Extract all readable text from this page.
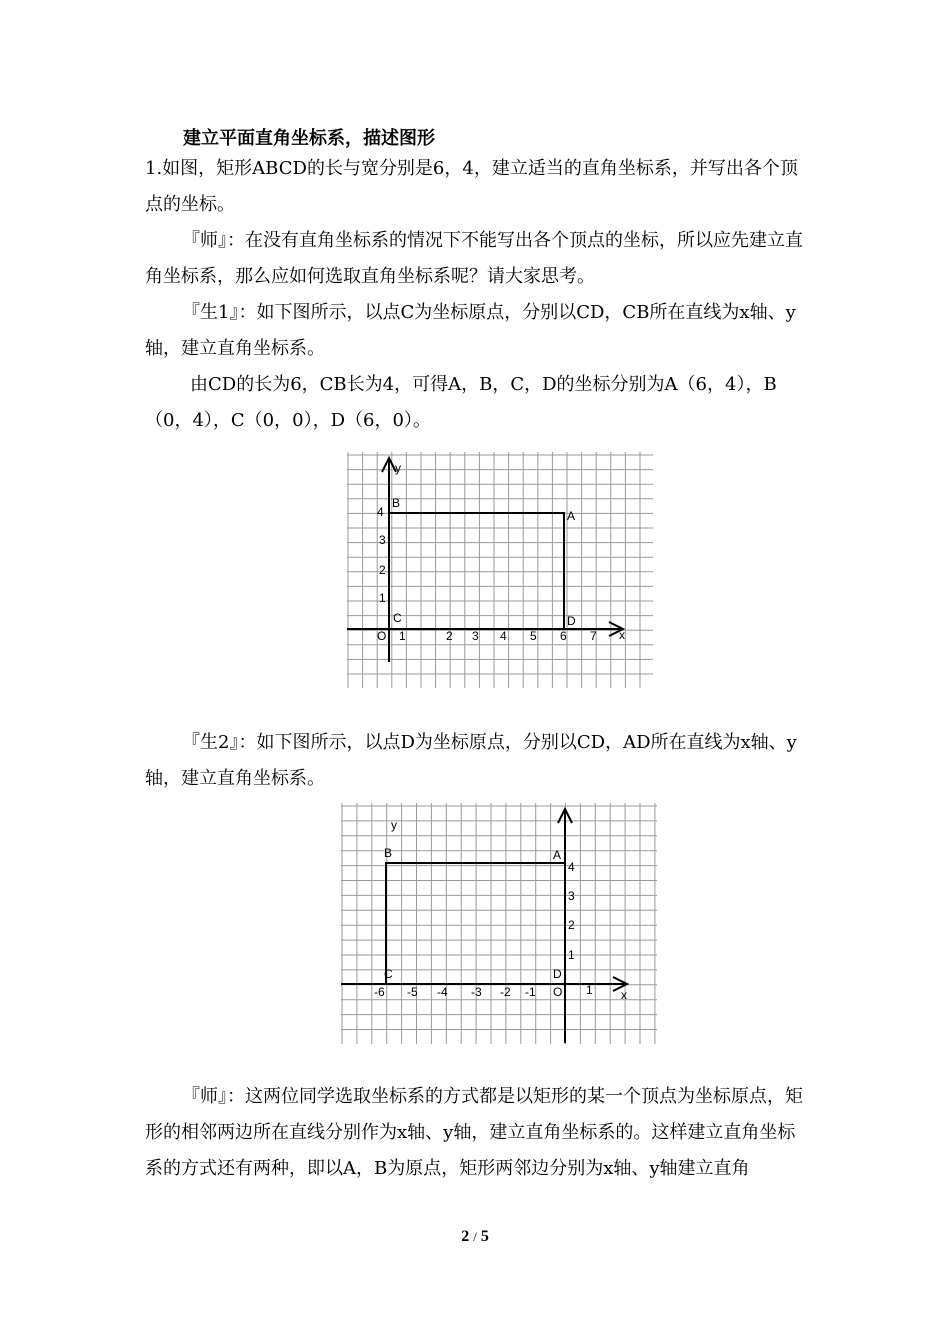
建立平面直角坐标系，描述图形

1.如图，矩形ABCD的长与宽分别是6，4，建立适当的直角坐标系，并写出各个顶点的坐标。

『师』：在没有直角坐标系的情况下不能写出各个顶点的坐标，所以应先建立直角坐标系，那么应如何选取直角坐标系呢？请大家思考。

『生1』：如下图所示，以点C为坐标原点，分别以CD，CB所在直线为x轴、y轴，建立直角坐标系。

由CD的长为6，CB长为4，可得A，B，C，D的坐标分别为A（6，4），B（0，4），C（0，0），D（6，0）。

y
x
O 1	2 3 4 5 6 7
1
2
3
4	A
B
C	D

『生2』：如下图所示，以点D为坐标原点，分别以CD，AD所在直线为x轴、y轴，建立直角坐标系。

y
x
O
-6 -5 -4 -3 -2 -1	1
1
2
3
4
A
B
C	D

『师』：这两位同学选取坐标系的方式都是以矩形的某一个顶点为坐标原点，矩形的相邻两边所在直线分别作为x轴、y轴，建立直角坐标系的。这样建立直角坐标系的方式还有两种，即以A，B为原点，矩形两邻边分别为x轴、y轴建立直角

2 / 5
